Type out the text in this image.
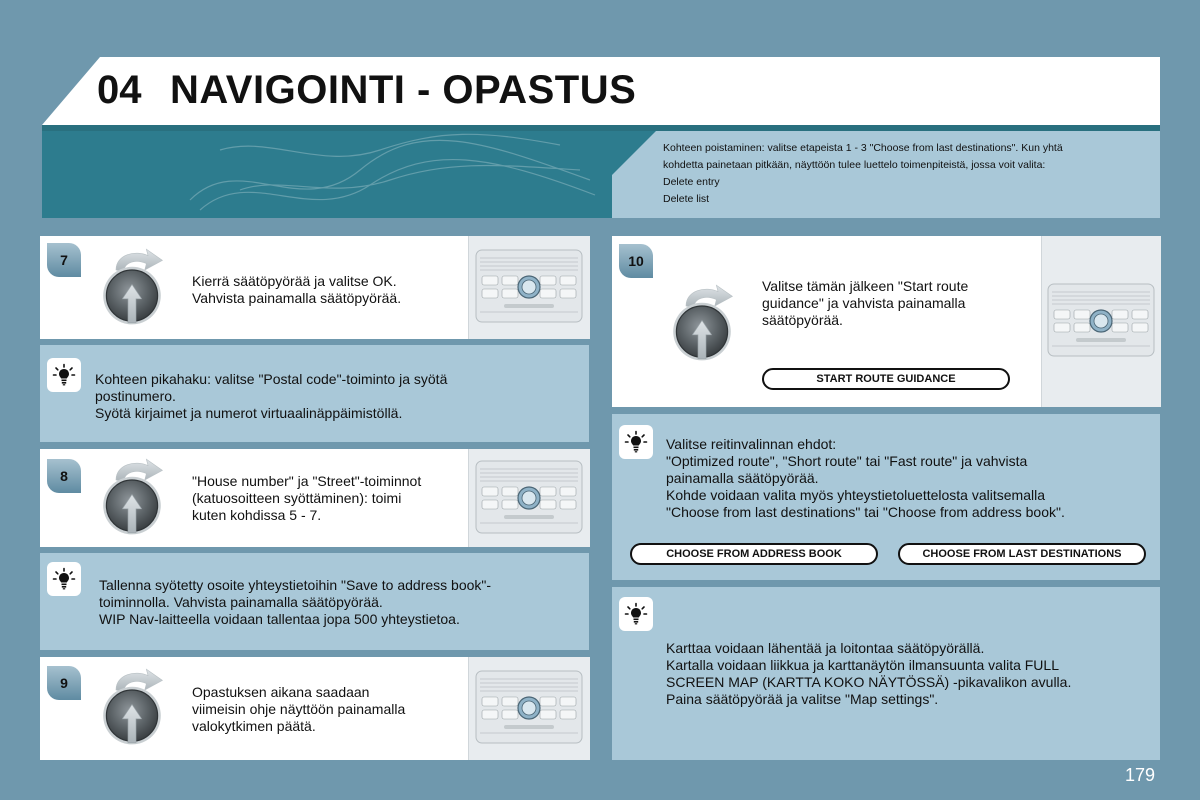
04 NAVIGOINTI - OPASTUS
Kohteen poistaminen: valitse etapeista 1 - 3 "Choose from last destinations". Kun yhtä
kohdetta painetaan pitkään, näyttöön tulee luettelo toimenpiteistä, jossa voit valita:
Delete entry
Delete list
7
Kierrä säätöpyörää ja valitse OK.
Vahvista painamalla säätöpyörää.
Kohteen pikahaku: valitse "Postal code"-toiminto ja syötä
postinumero.
Syötä kirjaimet ja numerot virtuaalinäppäimistöllä.
8	"House number" ja "Street"-toiminnot
(katuosoitteen syöttäminen): toimi
kuten kohdissa 5 - 7.
Tallenna syötetty osoite yhteystietoihin "Save to address book"-
toiminnolla. Vahvista painamalla säätöpyörää.
WIP Nav-laitteella voidaan tallentaa jopa 500 yhteystietoa.
9
Opastuksen aikana saadaan
viimeisin ohje näyttöön painamalla
valokytkimen päätä.
10
Valitse tämän jälkeen "Start route
guidance" ja vahvista painamalla
säätöpyörää.
START ROUTE GUIDANCE
Valitse reitinvalinnan ehdot:
"Optimized route", "Short route" tai "Fast route" ja vahvista
painamalla säätöpyörää.
Kohde voidaan valita myös yhteystietoluettelosta valitsemalla
"Choose from last destinations" tai "Choose from address book".
CHOOSE FROM ADDRESS BOOK	CHOOSE FROM LAST DESTINATIONS
Karttaa voidaan lähentää ja loitontaa säätöpyörällä.
Kartalla voidaan liikkua ja karttanäytön ilmansuunta valita FULL
SCREEN MAP (KARTTA KOKO NÄYTÖSSÄ) -pikavalikon avulla.
Paina säätöpyörää ja valitse "Map settings".
179
